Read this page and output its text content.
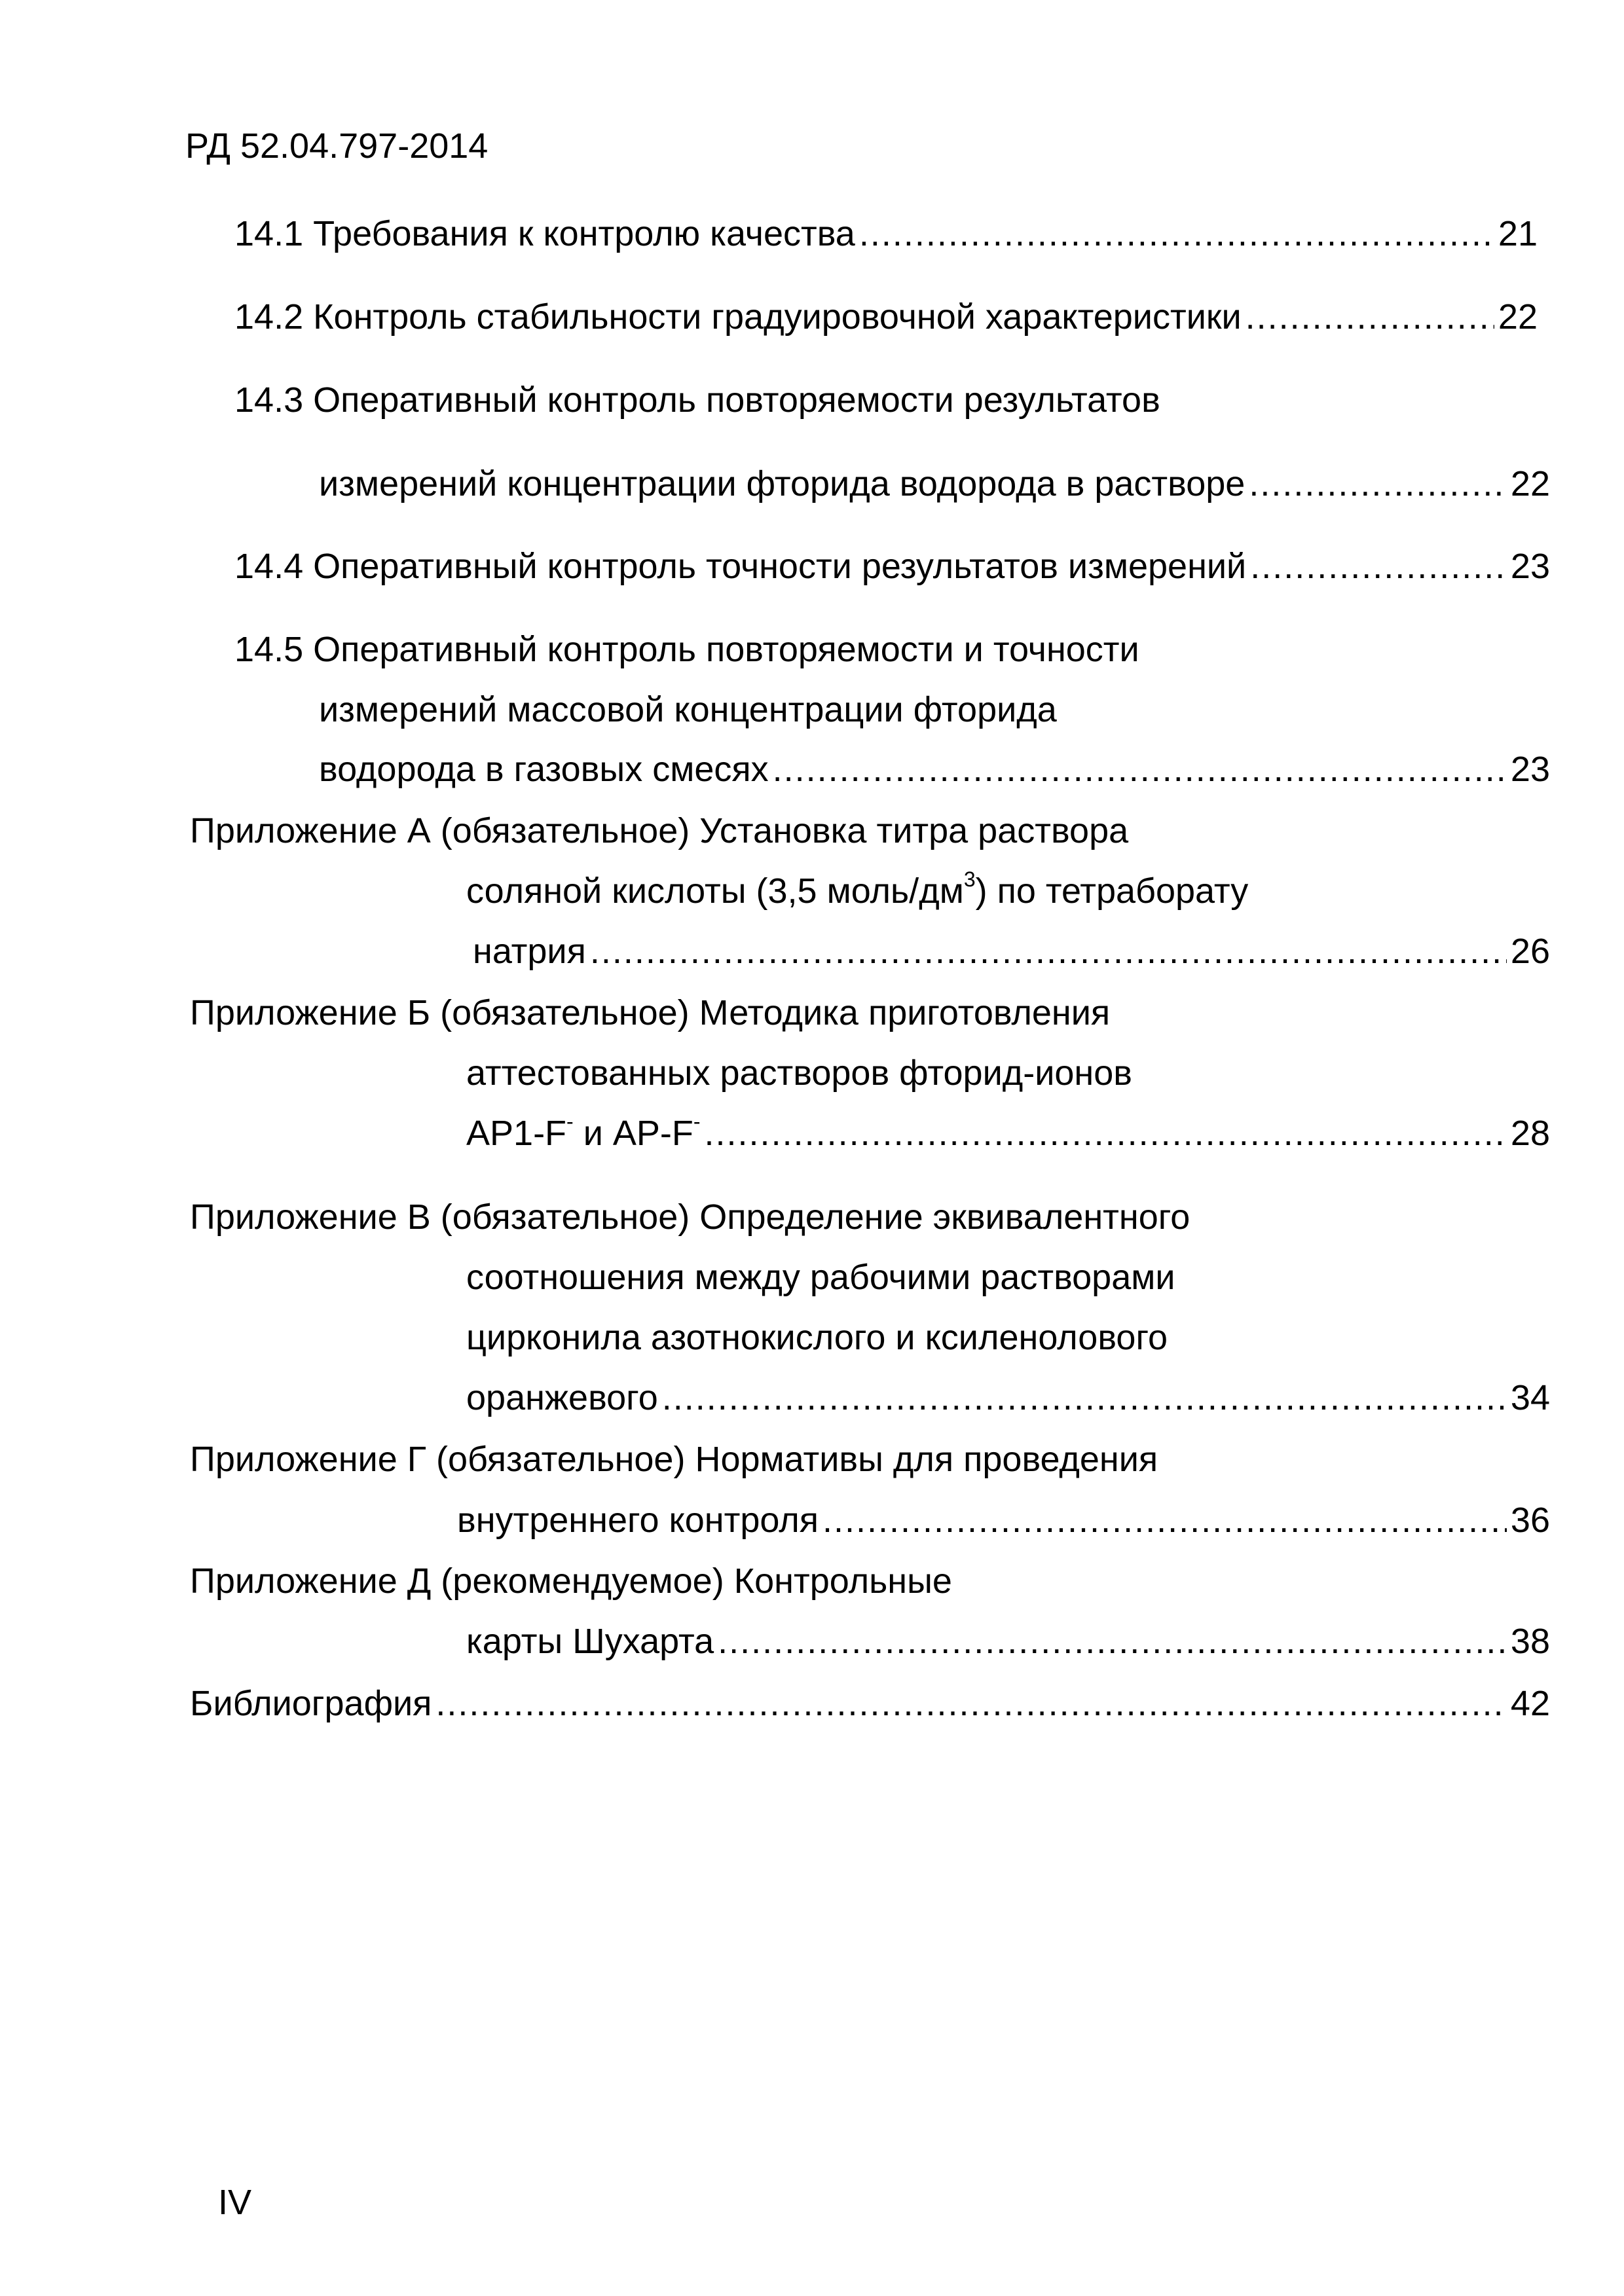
РД 52.04.797-2014
14.1 Требования к контролю качества .....	21
14.2 Контроль стабильности градуировочной характеристики .....	22
14.3 Оперативный контроль повторяемости результатов
измерений концентрации фторида водорода в растворе .....	22
14.4 Оперативный контроль точности результатов измерений .....	23
14.5 Оперативный контроль повторяемости и точности
измерений массовой концентрации фторида
водорода в газовых смесях .....	23
Приложение А (обязательное) Установка титра раствора
соляной кислоты (3,5 моль/$дм^3$) по тетраборату
натрия .....	26
Приложение Б (обязательное) Методика приготовления
аттестованных растворов фторид-ионов
АР1-F- и АР-F- .....	28
Приложение В (обязательное) Определение эквивалентного
соотношения между рабочими растворами
цирконила азотнокислого и ксиленолового
оранжевого .....	34
Приложение Г (обязательное) Нормативы для проведения
внутреннего контроля .....	36
Приложение Д (рекомендуемое) Контрольные
карты Шухарта .....	38
Библиография .....	42
IV
